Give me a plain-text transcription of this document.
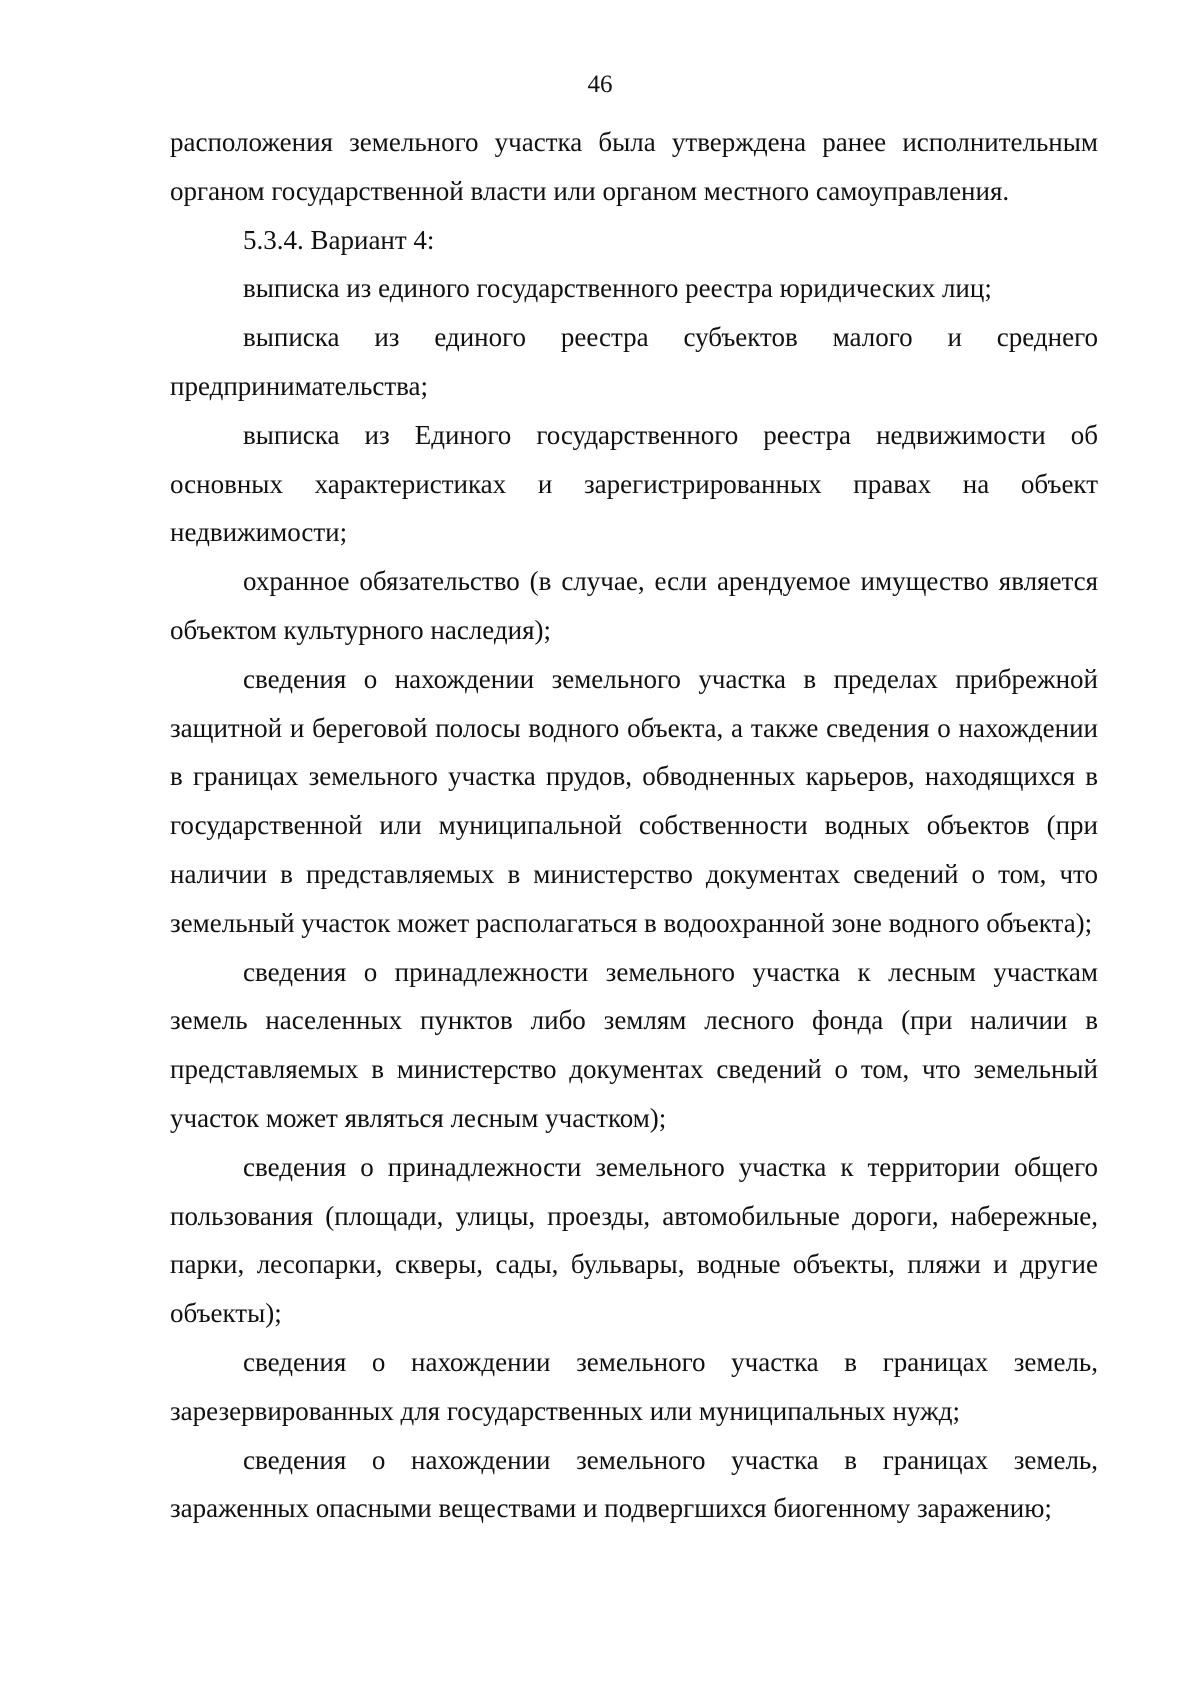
46

расположения земельного участка была утверждена ранее исполнительным органом государственной власти или органом местного самоуправления.

5.3.4. Вариант 4:

выписка из единого государственного реестра юридических лиц;

выписка из единого реестра субъектов малого и среднего предпринимательства;

выписка из Единого государственного реестра недвижимости об основных характеристиках и зарегистрированных правах на объект недвижимости;

охранное обязательство (в случае, если арендуемое имущество является объектом культурного наследия);

сведения о нахождении земельного участка в пределах прибрежной защитной и береговой полосы водного объекта, а также сведения о нахождении в границах земельного участка прудов, обводненных карьеров, находящихся в государственной или муниципальной собственности водных объектов (при наличии в представляемых в министерство документах сведений о том, что земельный участок может располагаться в водоохранной зоне водного объекта);

сведения о принадлежности земельного участка к лесным участкам земель населенных пунктов либо землям лесного фонда (при наличии в представляемых в министерство документах сведений о том, что земельный участок может являться лесным участком);

сведения о принадлежности земельного участка к территории общего пользования (площади, улицы, проезды, автомобильные дороги, набережные, парки, лесопарки, скверы, сады, бульвары, водные объекты, пляжи и другие объекты);

сведения о нахождении земельного участка в границах земель, зарезервированных для государственных или муниципальных нужд;

сведения о нахождении земельного участка в границах земель, зараженных опасными веществами и подвергшихся биогенному заражению;
